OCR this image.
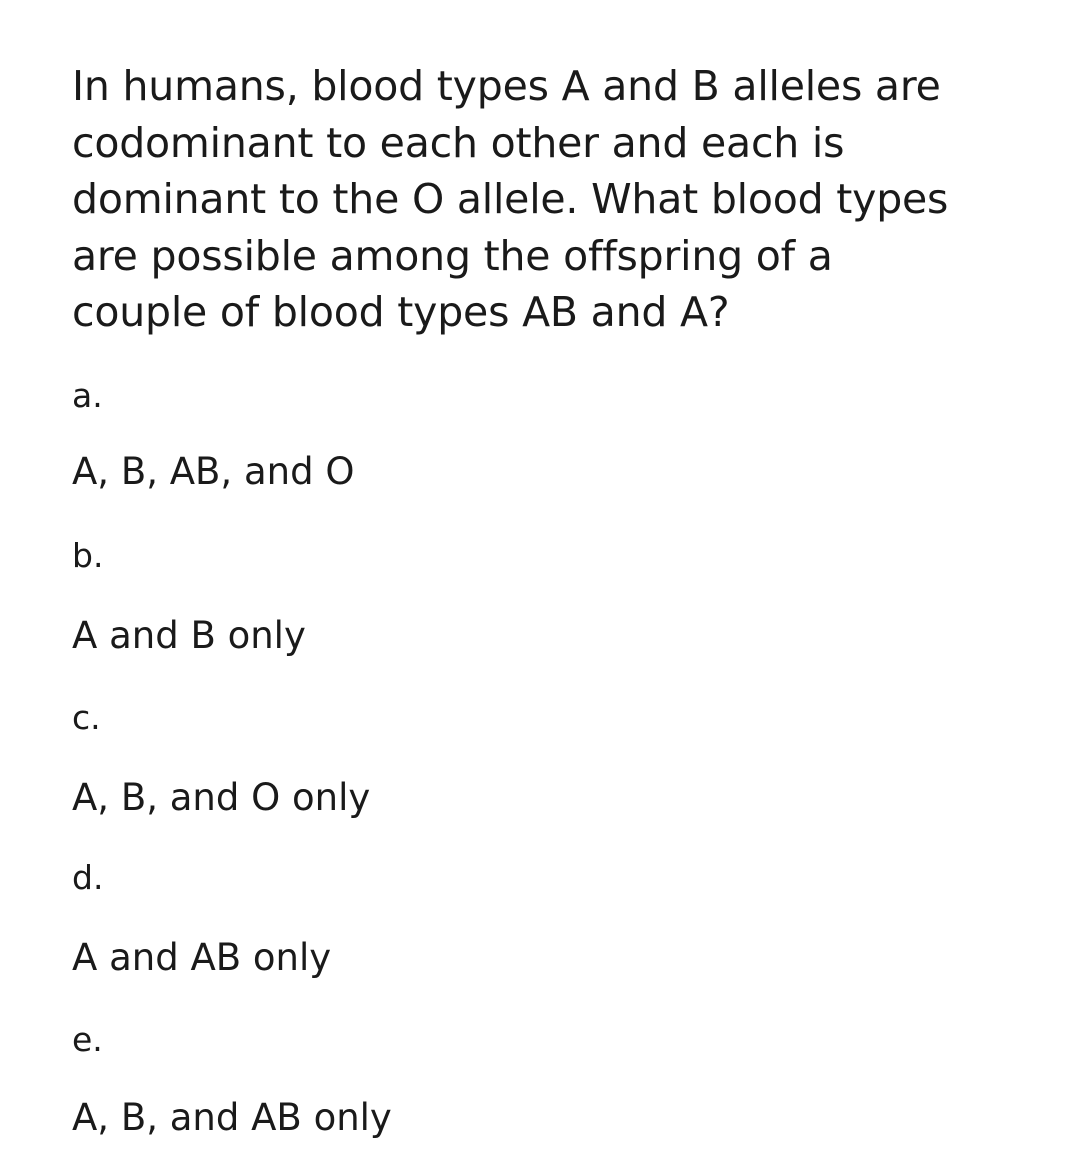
In humans, blood types A and B alleles are
codominant to each other and each is
dominant to the O allele. What blood types
are possible among the offspring of a
couple of blood types AB and A?

a.

A, B, AB, and O

b.

A and B only

c.

A, B, and O only

d.

A and AB only

e.

A, B, and AB only
